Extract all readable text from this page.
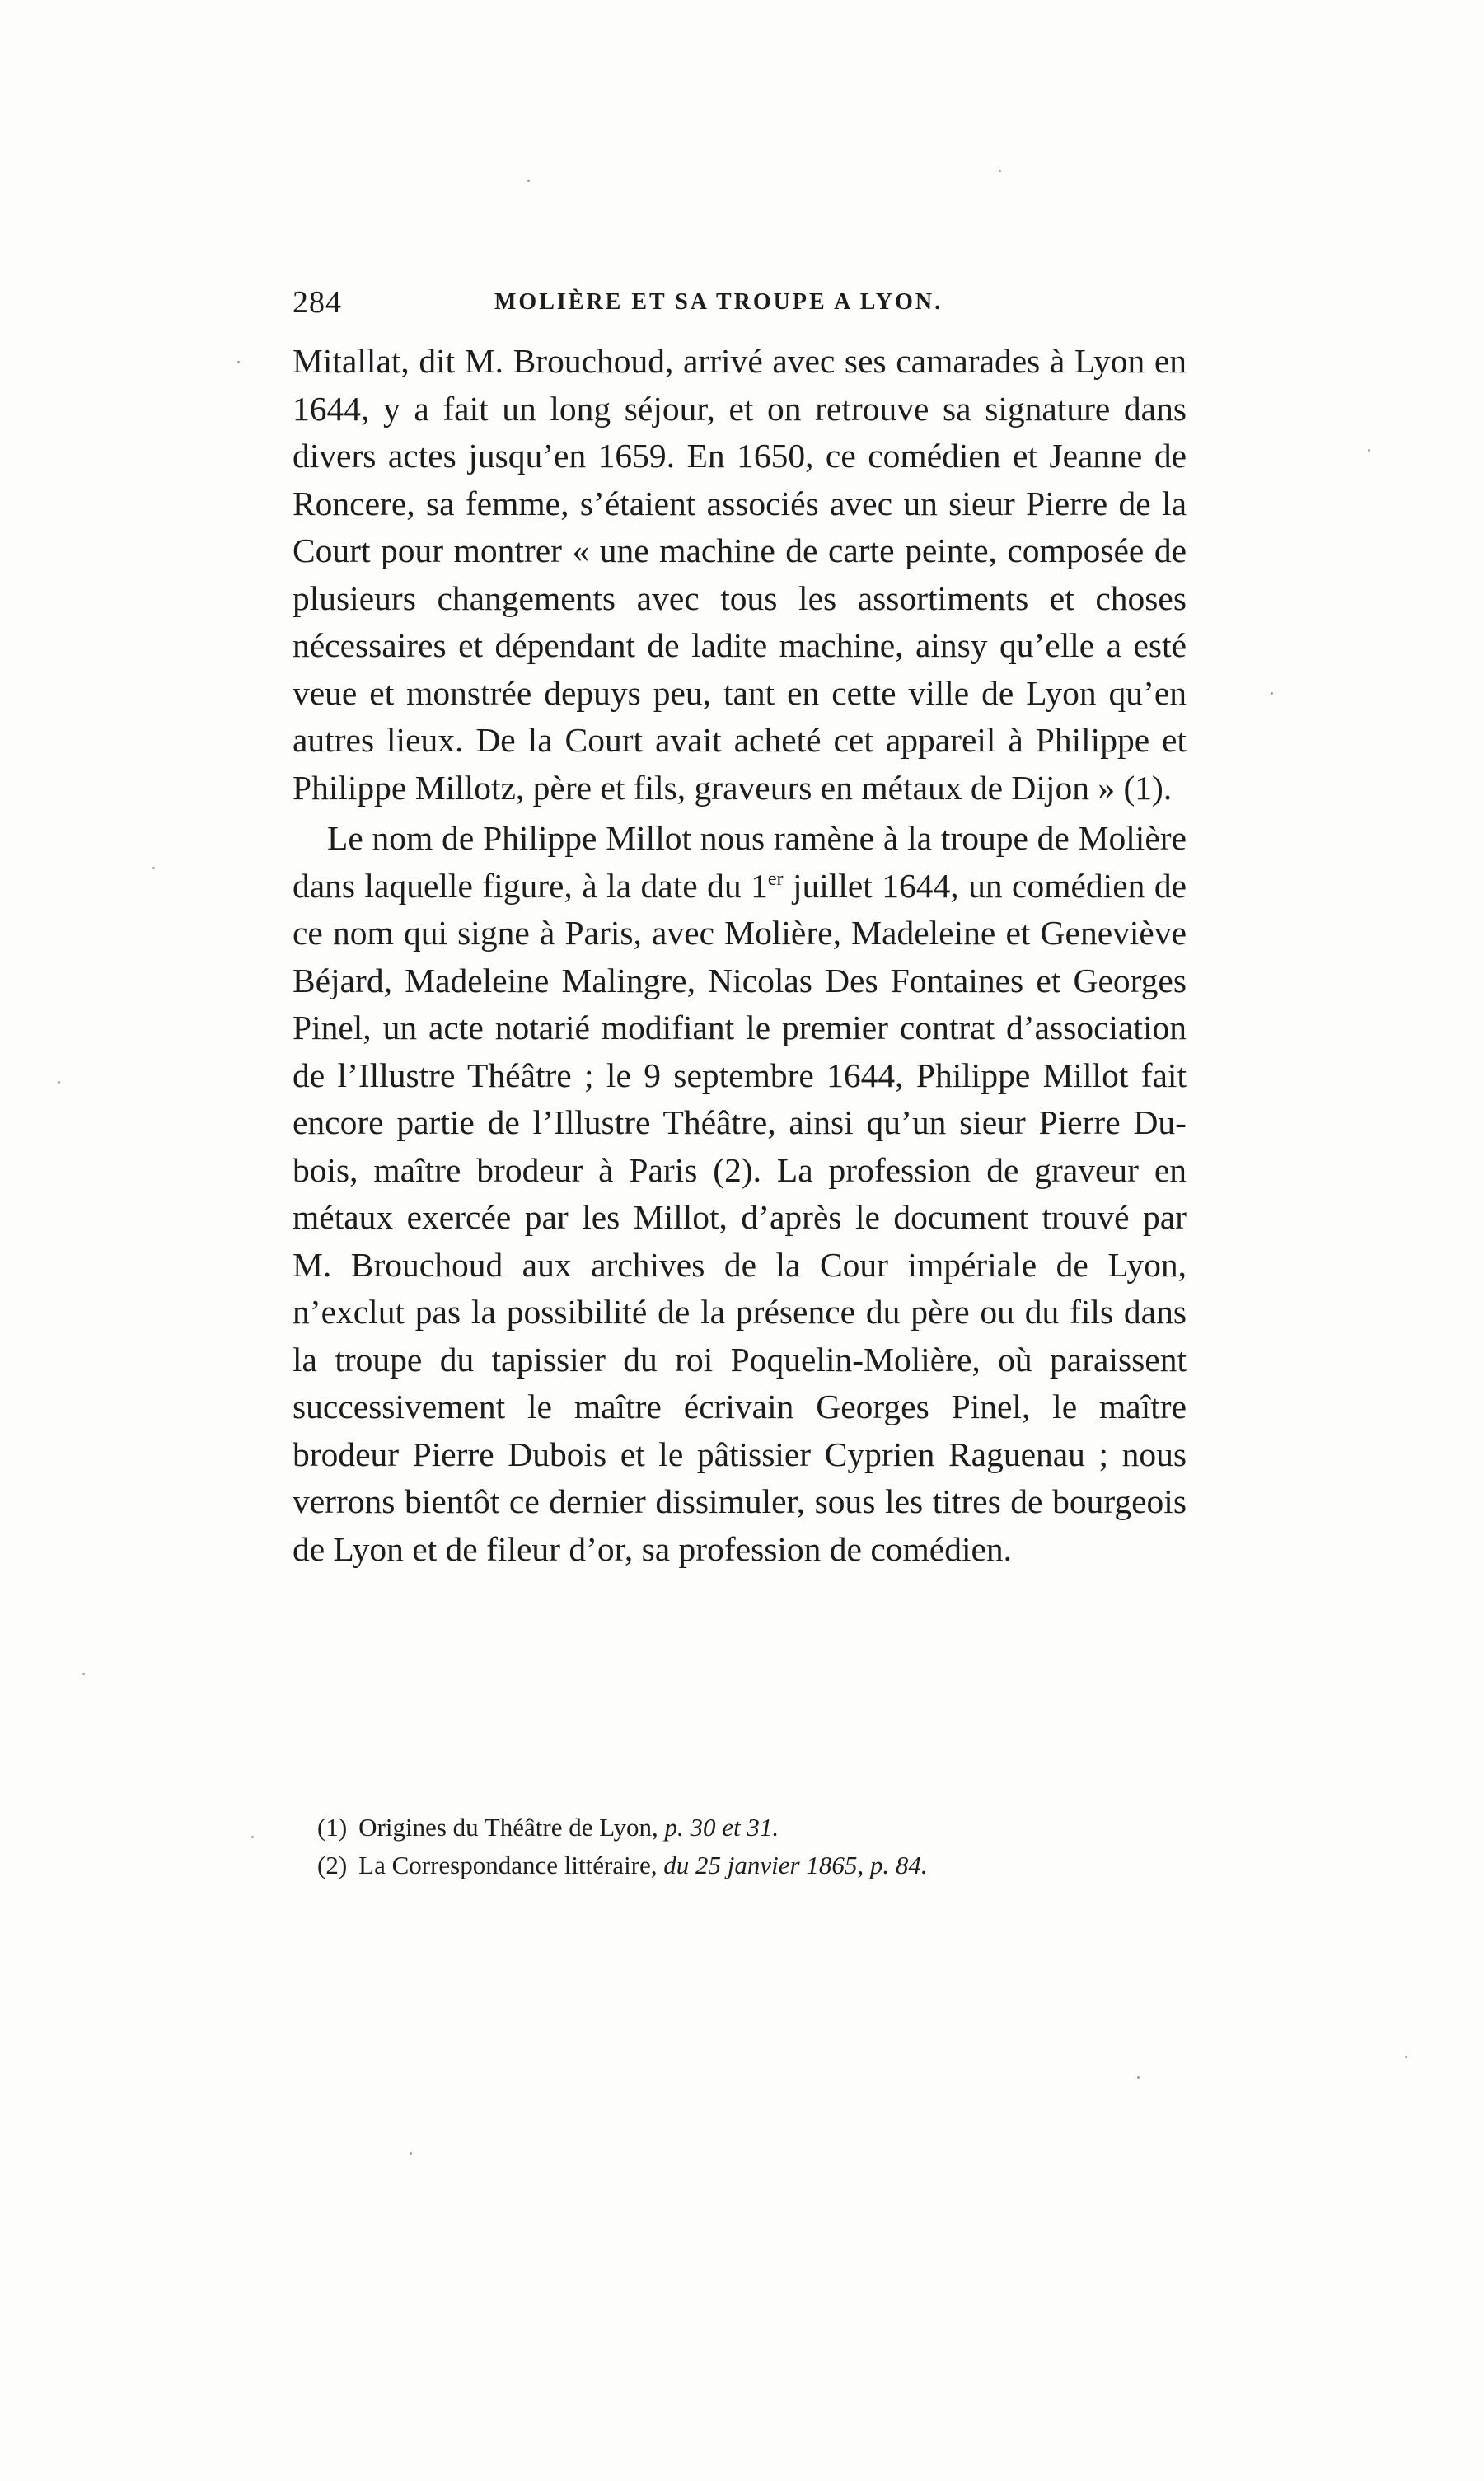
284	MOLIÈRE ET SA TROUPE A LYON.

Mitallat, dit M. Brouchoud, arrivé avec ses camarades à Lyon en 1644, y a fait un long séjour, et on retrouve sa signature dans divers actes jusqu’en 1659. En 1650, ce comédien et Jeanne de Roncere, sa femme, s’étaient associés avec un sieur Pierre de la Court pour montrer « une machine de carte peinte, composée de plusieurs changements avec tous les assortiments et choses nécessaires et dépendant de ladite machine, ainsy qu’elle a esté veue et monstrée depuys peu, tant en cette ville de Lyon qu’en autres lieux. De la Court avait acheté cet appareil à Philippe et Philippe Millotz, père et fils, graveurs en métaux de Dijon » (1).

Le nom de Philippe Millot nous ramène à la troupe de Molière dans laquelle figure, à la date du 1er juillet 1644, un comédien de ce nom qui signe à Paris, avec Molière, Madeleine et Geneviève Béjard, Madeleine Malingre, Nicolas Des Fontaines et Georges Pinel, un acte notarié modifiant le premier contrat d’association de l’Illustre Théâtre ; le 9 septembre 1644, Philippe Millot fait encore partie de l’Illustre Théâtre, ainsi qu’un sieur Pierre Dubois, maître brodeur à Paris (2). La profession de graveur en métaux exercée par les Millot, d’après le document trouvé par M. Brouchoud aux archives de la Cour impériale de Lyon, n’exclut pas la possibilité de la présence du père ou du fils dans la troupe du tapissier du roi Poquelin-Molière, où paraissent successivement le maître écrivain Georges Pinel, le maître brodeur Pierre Dubois et le pâtissier Cyprien Raguenau ; nous verrons bientôt ce dernier dissimuler, sous les titres de bourgeois de Lyon et de fileur d’or, sa profession de comédien.

(1) Origines du Théâtre de Lyon, p. 30 et 31.

(2) La Correspondance littéraire, du 25 janvier 1865, p. 84.
